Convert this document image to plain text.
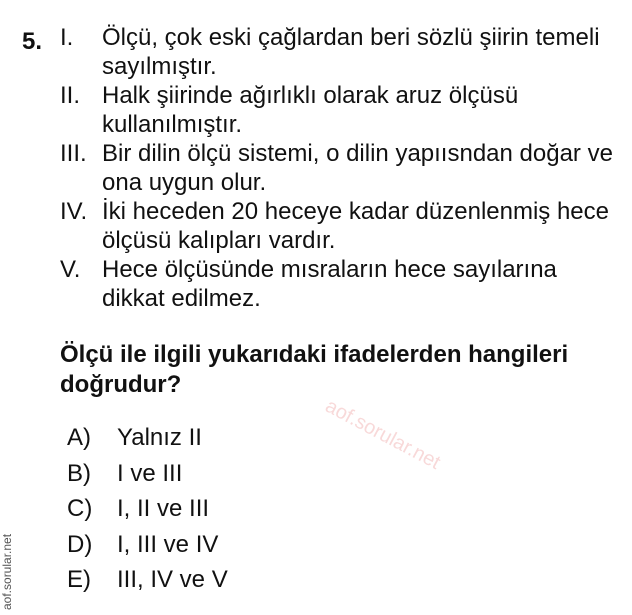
5. I.	Ölçü, çok eski çağlardan beri sözlü şiirin temeli sayılmıştır.
II. Halk şiirinde ağırlıklı olarak aruz ölçüsü kullanılmıştır.
III. Bir dilin ölçü sistemi, o dilin yapıısndan doğar ve ona uygun olur.
IV. İki heceden 20 heceye kadar düzenlenmiş hece ölçüsü kalıpları vardır.
V. Hece ölçüsünde mısraların hece sayılarına dikkat edilmez.
Ölçü ile ilgili yukarıdaki ifadelerden hangileri doğrudur?
A)	Yalnız II
B)	I ve III
C)	I, II ve III
D)	I, III ve IV
E)	III, IV ve V
aof.sorular.net
aof.sorular.net
